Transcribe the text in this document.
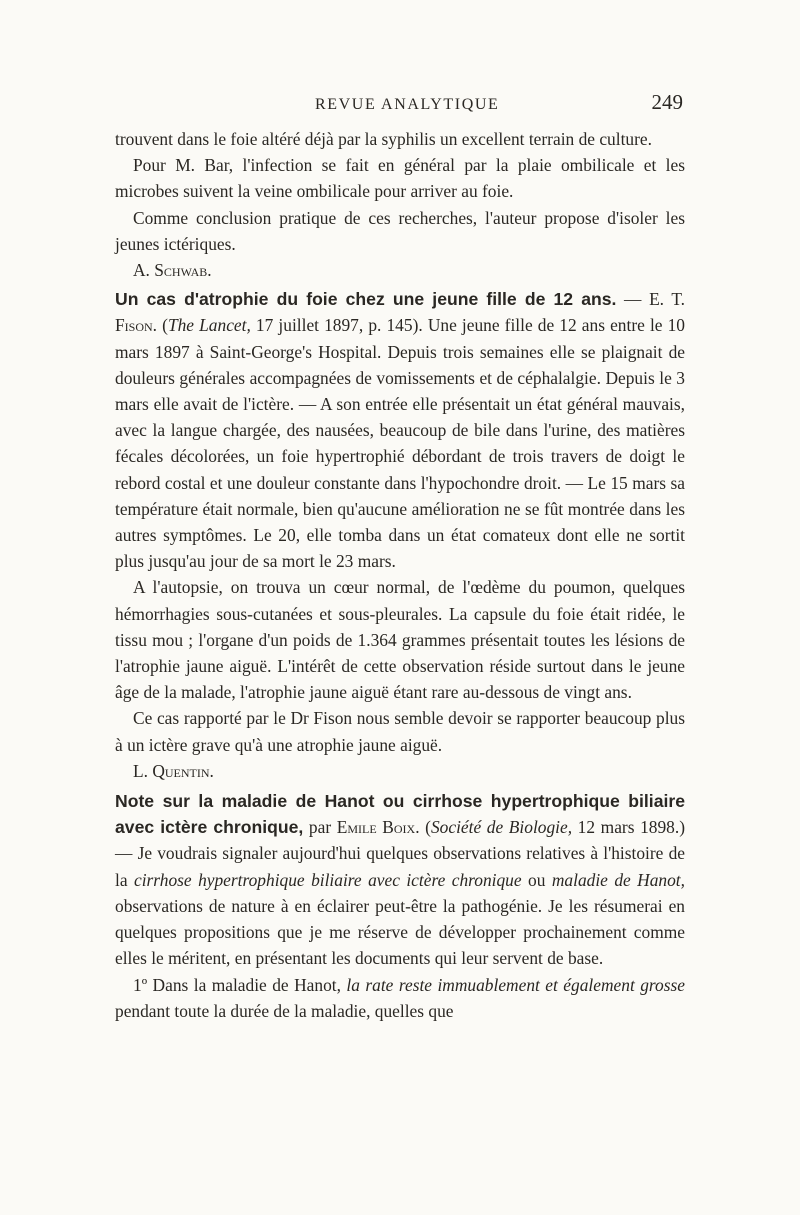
REVUE ANALYTIQUE	249

trouvent dans le foie altéré déjà par la syphilis un excellent terrain de culture.

Pour M. Bar, l'infection se fait en général par la plaie ombilicale et les microbes suivent la veine ombilicale pour arriver au foie.

Comme conclusion pratique de ces recherches, l'auteur propose d'isoler les jeunes ictériques.

A. Schwab.

Un cas d'atrophie du foie chez une jeune fille de 12 ans. — E. T. Fison. (The Lancet, 17 juillet 1897, p. 145). Une jeune fille de 12 ans entre le 10 mars 1897 à Saint-George's Hospital. Depuis trois semaines elle se plaignait de douleurs générales accompagnées de vomissements et de céphalalgie. Depuis le 3 mars elle avait de l'ictère. — A son entrée elle présentait un état général mauvais, avec la langue chargée, des nausées, beaucoup de bile dans l'urine, des matières fécales décolorées, un foie hypertrophié débordant de trois travers de doigt le rebord costal et une douleur constante dans l'hypochondre droit. — Le 15 mars sa température était normale, bien qu'aucune amélioration ne se fût montrée dans les autres symptômes. Le 20, elle tomba dans un état comateux dont elle ne sortit plus jusqu'au jour de sa mort le 23 mars.

A l'autopsie, on trouva un cœur normal, de l'œdème du poumon, quelques hémorrhagies sous-cutanées et sous-pleurales. La capsule du foie était ridée, le tissu mou ; l'organe d'un poids de 1.364 grammes présentait toutes les lésions de l'atrophie jaune aiguë. L'intérêt de cette observation réside surtout dans le jeune âge de la malade, l'atrophie jaune aiguë étant rare au-dessous de vingt ans.

Ce cas rapporté par le Dr Fison nous semble devoir se rapporter beaucoup plus à un ictère grave qu'à une atrophie jaune aiguë.

L. Quentin.

Note sur la maladie de Hanot ou cirrhose hypertrophique biliaire avec ictère chronique, par Emile Boix. (Société de Biologie, 12 mars 1898.) — Je voudrais signaler aujourd'hui quelques observations relatives à l'histoire de la cirrhose hypertrophique biliaire avec ictère chronique ou maladie de Hanot, observations de nature à en éclairer peut-être la pathogénie. Je les résumerai en quelques propositions que je me réserve de développer prochainement comme elles le méritent, en présentant les documents qui leur servent de base.

1º Dans la maladie de Hanot, la rate reste immuablement et également grosse pendant toute la durée de la maladie, quelles que
